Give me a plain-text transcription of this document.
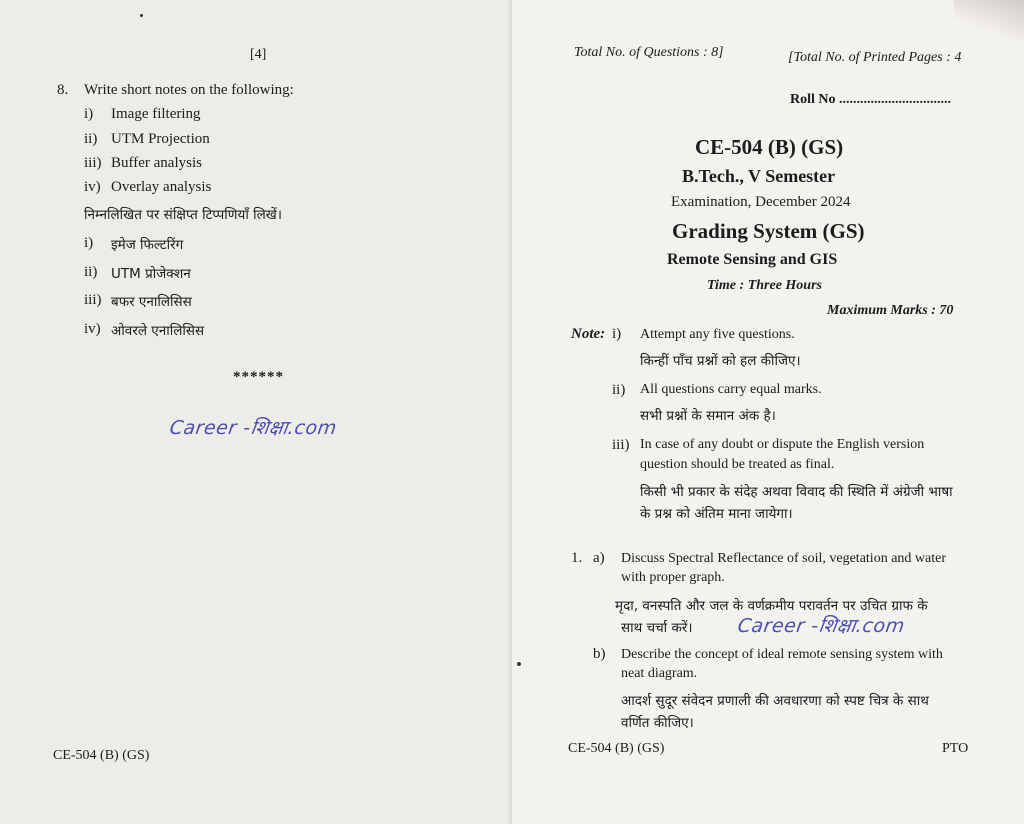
[4]
8. Write short notes on the following:
i) Image filtering
ii) UTM Projection
iii) Buffer analysis
iv) Overlay analysis
निम्नलिखित पर संक्षिप्त टिप्पणियाँ लिखें।
i) इमेज फिल्टरिंग
ii) UTM प्रोजेक्शन
iii) बफर एनालिसिस
iv) ओवरले एनालिसिस
******
Career -शिक्षा.com
CE-504 (B) (GS)
Total No. of Questions : 8]	[Total No. of Printed Pages : 4
Roll No ................................
CE-504 (B) (GS)
B.Tech., V Semester
Examination, December 2024
Grading System (GS)
Remote Sensing and GIS
Time : Three Hours
Maximum Marks : 70
Note: i) Attempt any five questions.
किन्हीं पाँच प्रश्नों को हल कीजिए।
ii) All questions carry equal marks.
सभी प्रश्नों के समान अंक है।
iii) In case of any doubt or dispute the English version
question should be treated as final.
किसी भी प्रकार के संदेह अथवा विवाद की स्थिति में अंग्रेजी भाषा
के प्रश्न को अंतिम माना जायेगा।
1. a) Discuss Spectral Reflectance of soil, vegetation and water
with proper graph.
मृदा, वनस्पति और जल के वर्णक्रमीय परावर्तन पर उचित ग्राफ के
साथ चर्चा करें। Career -शिक्षा.com
b) Describe the concept of ideal remote sensing system with
neat diagram.
आदर्श सुदूर संवेदन प्रणाली की अवधारणा को स्पष्ट चित्र के साथ
वर्णित कीजिए।
CE-504 (B) (GS)	PTO
